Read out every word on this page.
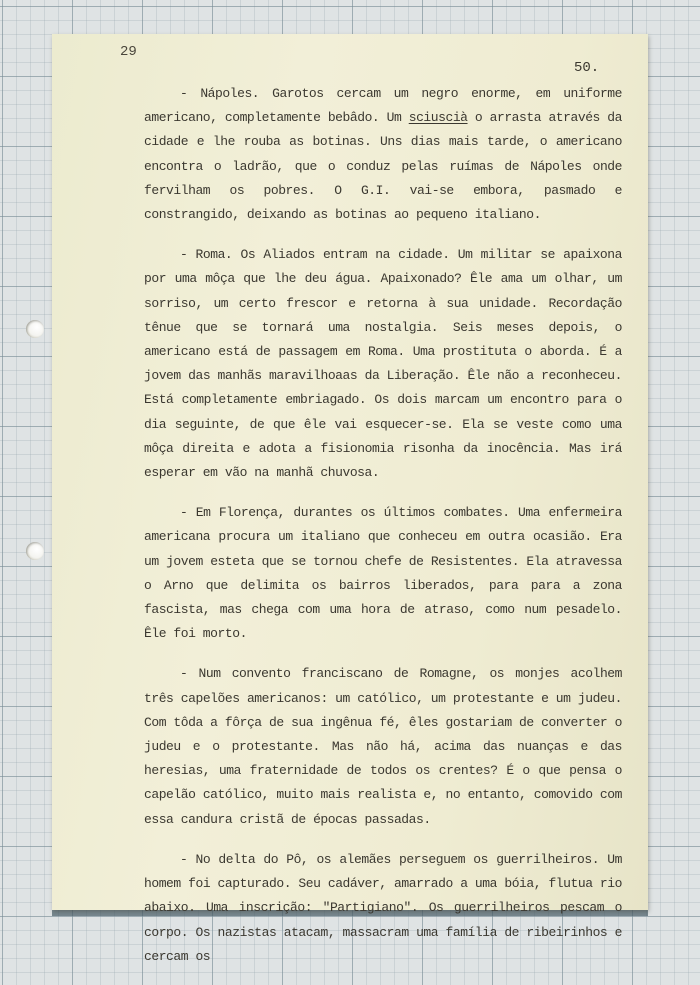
29
50.

- Nápoles. Garotos cercam um negro enorme, em uniforme americano, completamente bebâdo. Um sciuscià o arrasta através da cidade e lhe rouba as botinas. Uns dias mais tarde, o americano encontra o ladrão, que o conduz pelas ruímas de Nápoles onde fervilham os pobres. O G.I. vai-se embora, pasmado e constrangido, deixando as botinas ao pequeno italiano.

- Roma. Os Aliados entram na cidade. Um militar se apaixona por uma môça que lhe deu água. Apaixonado? Êle ama um olhar, um sorriso, um certo frescor e retorna à sua unidade. Recordação tênue que se tornará uma nostalgia. Seis meses depois, o americano está de passagem em Roma. Uma prostituta o aborda. É a jovem das manhãs maravilhoaas da Liberação. Êle não a reconheceu. Está completamente embriagado. Os dois marcam um encontro para o dia seguinte, de que êle vai esquecer-se. Ela se veste como uma môça direita e adota a fisionomia risonha da inocência. Mas irá esperar em vão na manhã chuvosa.

- Em Florença, durantes os últimos combates. Uma enfermeira americana procura um italiano que conheceu em outra ocasião. Era um jovem esteta que se tornou chefe de Resistentes. Ela atravessa o Arno que delimita os bairros liberados, para para a zona fascista, mas chega com uma hora de atraso, como num pesadelo. Êle foi morto.

- Num convento franciscano de Romagne, os monjes acolhem três capelões americanos: um católico, um protestante e um judeu. Com tôda a fôrça de sua ingênua fé, êles gostariam de converter o judeu e o protestante. Mas não há, acima das nuanças e das heresias, uma fraternidade de todos os crentes? É o que pensa o capelão católico, muito mais realista e, no entanto, comovido com essa candura cristã de épocas passadas.

- No delta do Pô, os alemães perseguem os guerrilheiros. Um homem foi capturado. Seu cadáver, amarrado a uma bóia, flutua rio abaixo. Uma inscrição: "Partigiano". Os guerrilheiros pescam o corpo. Os nazistas atacam, massacram uma família de ribeirinhos e cercam os
